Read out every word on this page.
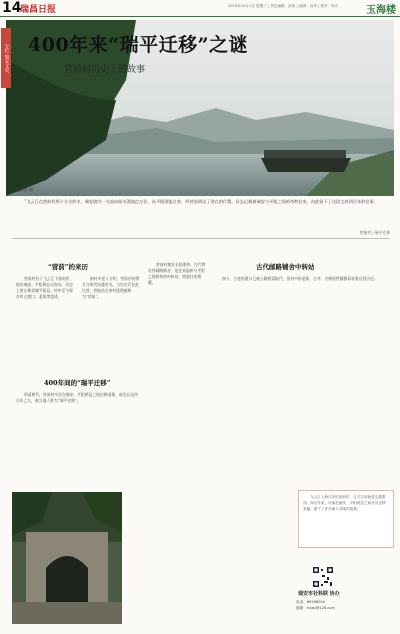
14
瑞昌日报	2014年10月1日 星期三 | 责任编辑：彭伟 | 编辑：刘华 | 校对：吴巧	玉海楼
专栏·瑞安文史 400年来“瑞平迁移”之谜
营前村历史上的故事
■田家 摄
“飞云江在营前有两个分支的水，瑞安境内一支流向前水漂流亿万民，从平阳漂流过来，经营前到达了现在的位置。县志记载着瑞安与平阳之间的奇特往来，由此留下了这段尘封四百年的往事。
营前村 / 瑞平迁移
“营前”的来历
400年间的“瑞平迁移”
古代邮路铺舍中转站

营前村位于飞云江下游南岸，地处瑞安、平阳两县交界处，历史上曾长期隶属平阳县。村中至今保存有古渡口、老街等遗迹。

据村中老人介绍，营前村的得名与明代抗倭有关。当年官兵在此扎营，营地前方的村落便被称为“营前”。

明清两代，营前村多次在瑞安、平阳两县之间迁移隶属，前后长达四百年之久，被当地人称为“瑞平迁移”。

营前村地处水陆要冲，古代曾设有邮路铺舍，是往来温州与平阳之间驿传的中转站，商旅往来频繁。

如今，古老的渡口已被公路桥梁取代，但村中的老街、古井、古树依然静静诉说着这段历史。

飞云江入海口处的营前村，自古以来就是交通要冲。四百年来，村落在瑞安、平阳两县之间多次迁移隶属，留下了许多耐人寻味的故事。

瑞安市社科联 协办
电话：66168050
邮箱：ruizp@126.com
